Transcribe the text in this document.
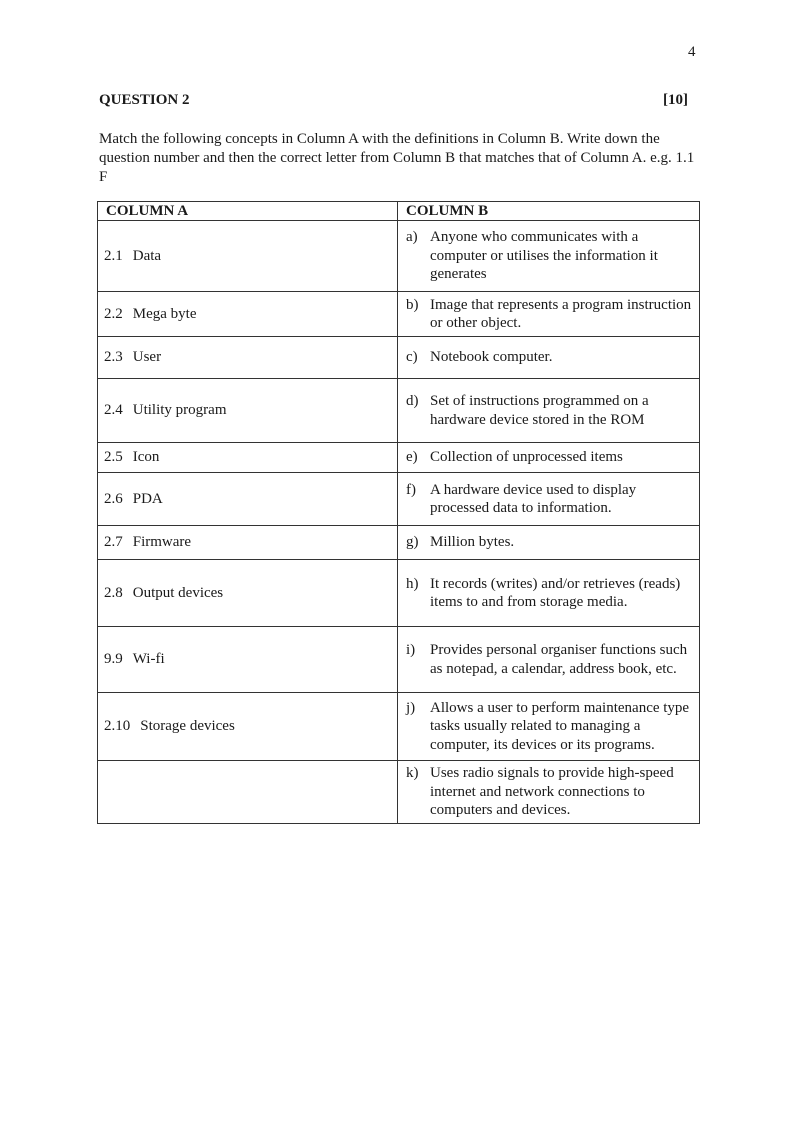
4
QUESTION 2	[10]
Match the following concepts in Column A with the definitions in Column B. Write down the question number and then the correct letter from Column B that matches that of Column A. e.g. 1.1 F
COLUMN A	COLUMN B
2.1 Data	a) Anyone who communicates with a computer or utilises the information it generates

2.2 Mega byte	b) Image that represents a program instruction or other object.

2.3 User	c) Notebook computer.

2.4 Utility program	d) Set of instructions programmed on a hardware device stored in the ROM

2.5 Icon	e) Collection of unprocessed items

2.6 PDA	f) A hardware device used to display processed data to information.

2.7 Firmware	g) Million bytes.

2.8 Output devices	h) It records (writes) and/or retrieves (reads) items to and from storage media.

9.9 Wi-fi	i) Provides personal organiser functions such as notepad, a calendar, address book, etc.

2.10 Storage devices	j) Allows a user to perform maintenance type tasks usually related to managing a computer, its devices or its programs.

	k) Uses radio signals to provide high-speed internet and network connections to computers and devices.
